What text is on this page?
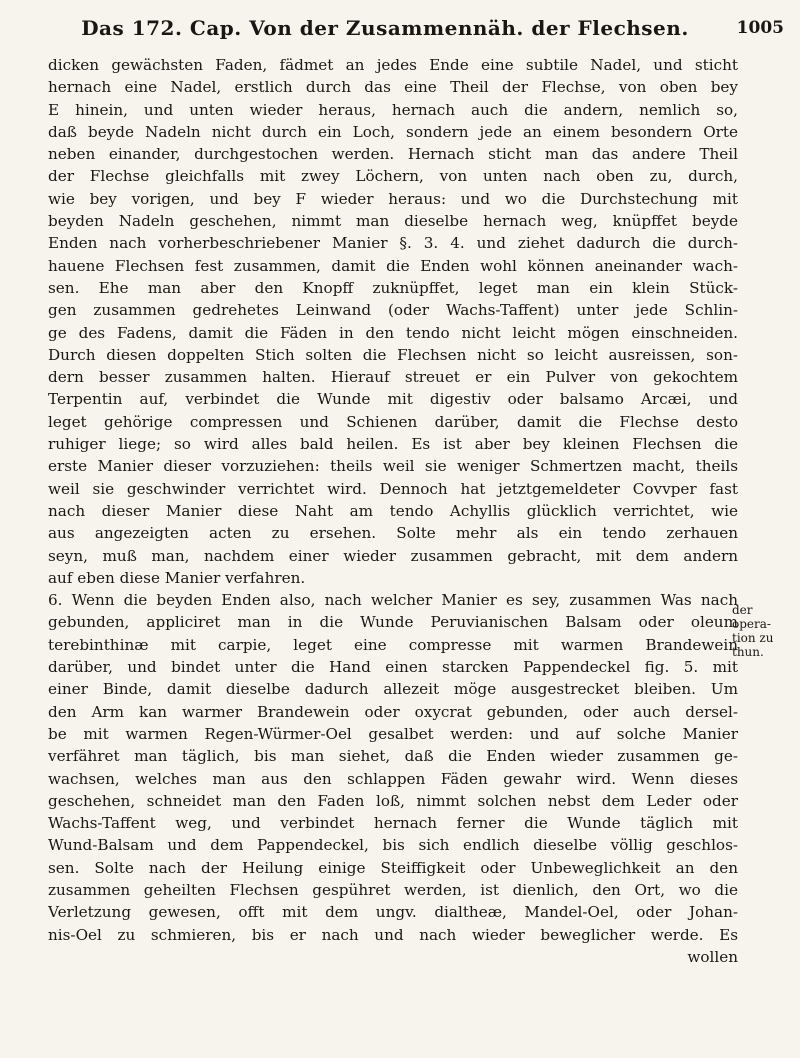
Das 172. Cap. Von der Zusammennäh. der Flechsen.	1005
dicken gewächsten Faden, fädmet an jedes Ende eine subtile Nadel, und sticht
hernach eine Nadel, erstlich durch das eine Theil der Flechse, von oben bey
E hinein, und unten wieder heraus, hernach auch die andern, nemlich so,
daß beyde Nadeln nicht durch ein Loch, sondern jede an einem besondern Orte
neben einander, durchgestochen werden. Hernach sticht man das andere Theil
der Flechse gleichfalls mit zwey Löchern, von unten nach oben zu, durch,
wie bey vorigen, und bey F wieder heraus: und wo die Durchstechung mit
beyden Nadeln geschehen, nimmt man dieselbe hernach weg, knüpffet beyde
Enden nach vorherbeschriebener Manier §. 3. 4. und ziehet dadurch die durch-
hauene Flechsen fest zusammen, damit die Enden wohl können aneinander wach-
sen. Ehe man aber den Knopff zuknüpffet, leget man ein klein Stück-
gen zusammen gedrehetes Leinwand (oder Wachs-Taffent) unter jede Schlin-
ge des Fadens, damit die Fäden in den tendo nicht leicht mögen einschneiden.
Durch diesen doppelten Stich solten die Flechsen nicht so leicht ausreissen, son-
dern besser zusammen halten. Hierauf streuet er ein Pulver von gekochtem
Terpentin auf, verbindet die Wunde mit digestiv oder balsamo Arcæi, und
leget gehörige compressen und Schienen darüber, damit die Flechse desto
ruhiger liege; so wird alles bald heilen. Es ist aber bey kleinen Flechsen die
erste Manier dieser vorzuziehen: theils weil sie weniger Schmertzen macht, theils
weil sie geschwinder verrichtet wird. Dennoch hat jetztgemeldeter Covvper fast
nach dieser Manier diese Naht am tendo Achyllis glücklich verrichtet, wie
aus angezeigten acten zu ersehen. Solte mehr als ein tendo zerhauen
seyn, muß man, nachdem einer wieder zusammen gebracht, mit dem andern
auf eben diese Manier verfahren.
6. Wenn die beyden Enden also, nach welcher Manier es sey, zusammen Was nach
gebunden, appliciret man in die Wunde Peruvianischen Balsam oder oleum
terebinthinæ mit carpie, leget eine compresse mit warmen Brandewein
darüber, und bindet unter die Hand einen starcken Pappendeckel fig. 5. mit
einer Binde, damit dieselbe dadurch allezeit möge ausgestrecket bleiben. Um
den Arm kan warmer Brandewein oder oxycrat gebunden, oder auch dersel-
be mit warmen Regen-Würmer-Oel gesalbet werden: und auf solche Manier
verfähret man täglich, bis man siehet, daß die Enden wieder zusammen ge-
wachsen, welches man aus den schlappen Fäden gewahr wird. Wenn dieses
geschehen, schneidet man den Faden loß, nimmt solchen nebst dem Leder oder
Wachs-Taffent weg, und verbindet hernach ferner die Wunde täglich mit
Wund-Balsam und dem Pappendeckel, bis sich endlich dieselbe völlig geschlos-
sen. Solte nach der Heilung einige Steiffigkeit oder Unbeweglichkeit an den
zusammen geheilten Flechsen gespühret werden, ist dienlich, den Ort, wo die
Verletzung gewesen, offt mit dem ungv. dialtheæ, Mandel-Oel, oder Johan-
nis-Oel zu schmieren, bis er nach und nach wieder beweglicher werde. Es
wollen
der opera-
tion zu
thun.
